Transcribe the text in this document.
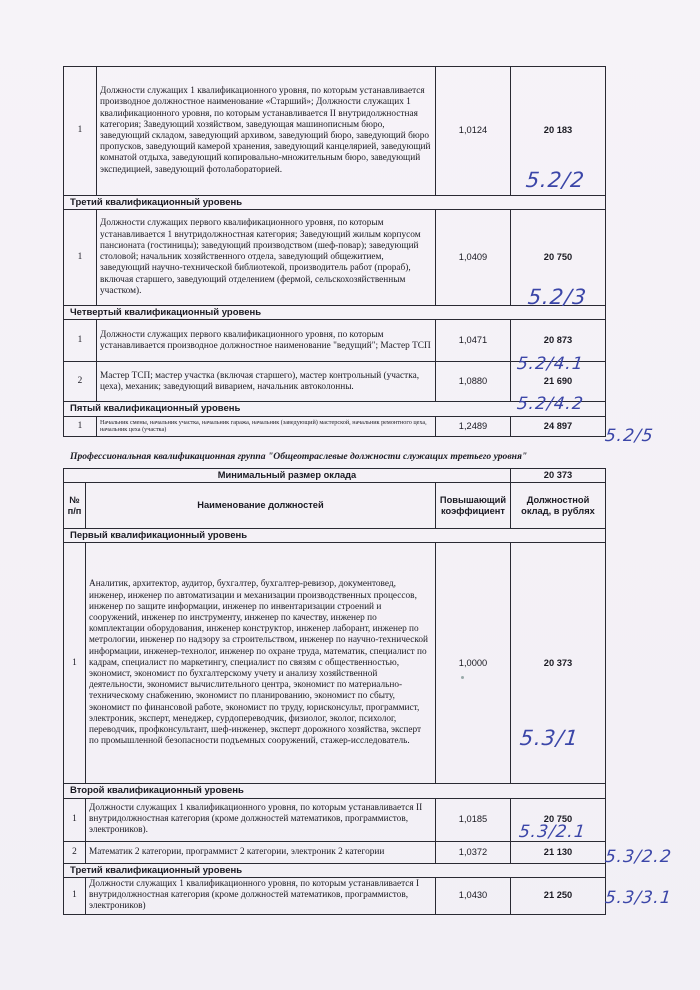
1	Должности служащих 1 квалификационного уровня, по которым устанавливается производное должностное наименование «Старший»; Должности служащих 1 квалификационного уровня, по которым устанавливается II внутридолжностная категория; Заведующий хозяйством, заведующая машинописным бюро, заведующий складом, заведующий архивом, заведующий бюро, заведующий бюро пропусков, заведующий камерой хранения, заведующий канцелярией, заведующий комнатой отдыха, заведующий копировально-множительным бюро, заведующий экспедицией, заведующий фотолабораторией.	1,0124	20 183
Третий квалификационный уровень			
1	Должности служащих первого квалификационного уровня, по которым устанавливается 1 внутридолжностная категория; Заведующий жилым корпусом пансионата (гостиницы); заведующий производством (шеф-повар); заведующий столовой; начальник хозяйственного отдела, заведующий общежитием, заведующий научно-технической библиотекой, производитель работ (прораб), включая старшего, заведующий отделением (фермой, сельскохозяйственным участком).	1,0409	20 750
Четвертый квалификационный уровень			
1	Должности служащих первого квалификационного уровня, по которым устанавливается производное должностное наименование "ведущий"; Мастер ТСП	1,0471	20 873
2	Мастер ТСП; мастер участка (включая старшего), мастер контрольный (участка, цеха), механик; заведующий виварием, начальник автоколонны.	1,0880	21 690
Пятый квалификационный уровень			
1	Начальник смены, начальник участка, начальник гаража, начальник (заведующий) мастерской, начальник ремонтного цеха, начальник цеха (участка)	1,2489	24 897
Профессиональная квалификационная группа "Общеотраслевые должности служащих третьего уровня"
Минимальный размер оклада			20 373
№ п/п	Наименование должностей	Повышающий коэффициент	Должностной оклад, в рублях
Первый квалификационный уровень			
1	Аналитик, архитектор, аудитор, бухгалтер, бухгалтер-ревизор, документовед, инженер, инженер по автоматизации и механизации производственных процессов, инженер по защите информации, инженер по инвентаризации строений и сооружений, инженер по инструменту, инженер по качеству, инженер по комплектации оборудования, инженер конструктор, инженер лаборант, инженер по метрологии, инженер по надзору за строительством, инженер по научно-технической информации, инженер-технолог, инженер по охране труда, математик, специалист по кадрам, специалист по маркетингу, специалист по связям с общественностью, экономист, экономист по бухгалтерскому учету и анализу хозяйственной деятельности, экономист вычислительного центра, экономист по материально-техническому снабжению, экономист по планированию, экономист по сбыту, экономист по финансовой работе, экономист по труду, юрисконсульт, программист, электроник, эксперт, менеджер, сурдопереводчик, физиолог, эколог, психолог, переводчик, профконсультант, шеф-инженер, эксперт дорожного хозяйства, эксперт по промышленной безопасности подъемных сооружений, стажер-исследователь.	1,0000	20 373
Второй квалификационный уровень			
1	Должности служащих 1 квалификационного уровня, по которым устанавливается II внутридолжностная категория (кроме должностей математиков, программистов, электроников).	1,0185	20 750
2	Математик 2 категории, программист 2 категории, электроник 2 категории	1,0372	21 130
Третий квалификационный уровень			
1	Должности служащих 1 квалификационного уровня, по которым устанавливается I внутридолжностная категория (кроме должностей математиков, программистов, электроников)	1,0430	21 250
5.2/2
5.2/3
5.2/4.1
5.2/4.2
5.2/5
5.3/1
5.3/2.1
5.3/2.2
5.3/3.1
